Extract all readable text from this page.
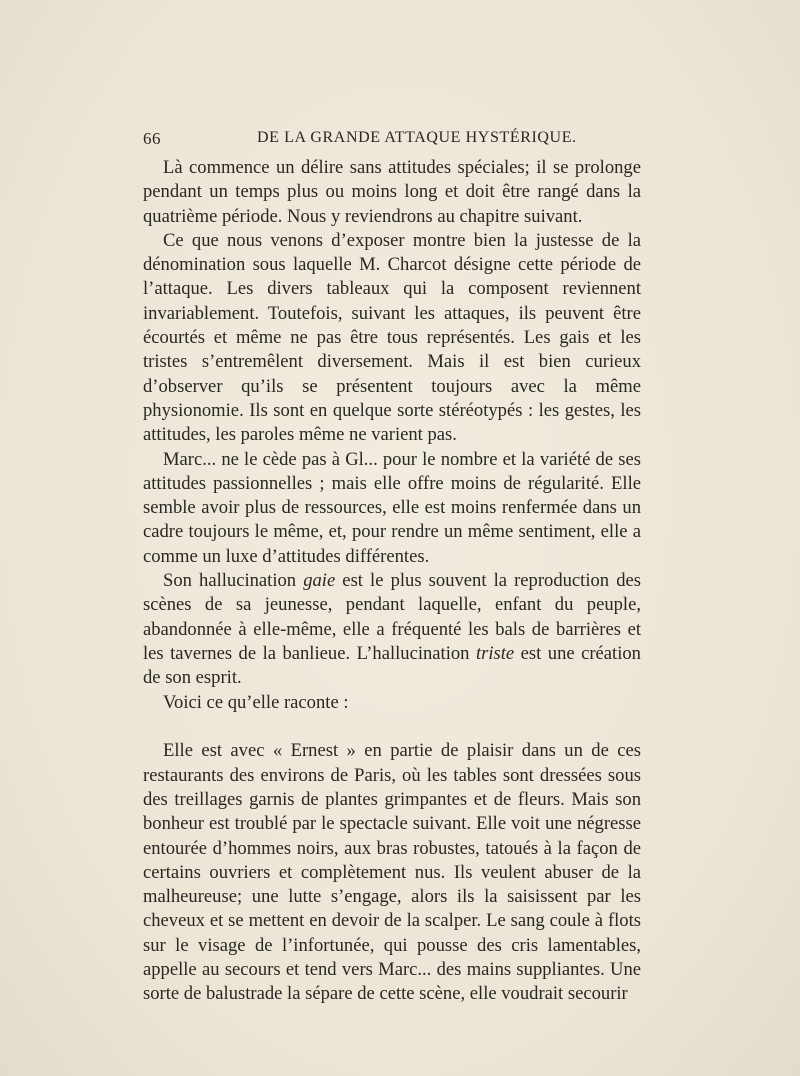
66	DE LA GRANDE ATTAQUE HYSTÉRIQUE.

Là commence un délire sans attitudes spéciales; il se prolonge pendant un temps plus ou moins long et doit être rangé dans la quatrième période. Nous y reviendrons au chapitre suivant.

Ce que nous venons d’exposer montre bien la justesse de la dénomination sous laquelle M. Charcot désigne cette période de l’attaque. Les divers tableaux qui la composent reviennent invariablement. Toutefois, suivant les attaques, ils peuvent être écourtés et même ne pas être tous représentés. Les gais et les tristes s’entremêlent diversement. Mais il est bien curieux d’observer qu’ils se présentent toujours avec la même physionomie. Ils sont en quelque sorte stéréotypés : les gestes, les attitudes, les paroles même ne varient pas.

Marc... ne le cède pas à Gl... pour le nombre et la variété de ses attitudes passionnelles ; mais elle offre moins de régularité. Elle semble avoir plus de ressources, elle est moins renfermée dans un cadre toujours le même, et, pour rendre un même sentiment, elle a comme un luxe d’attitudes différentes.

Son hallucination gaie est le plus souvent la reproduction des scènes de sa jeunesse, pendant laquelle, enfant du peuple, abandonnée à elle-même, elle a fréquenté les bals de barrières et les tavernes de la banlieue. L’hallucination triste est une création de son esprit.

Voici ce qu’elle raconte :

Elle est avec « Ernest » en partie de plaisir dans un de ces restaurants des environs de Paris, où les tables sont dressées sous des treillages garnis de plantes grimpantes et de fleurs. Mais son bonheur est troublé par le spectacle suivant. Elle voit une négresse entourée d’hommes noirs, aux bras robustes, tatoués à la façon de certains ouvriers et complètement nus. Ils veulent abuser de la malheureuse; une lutte s’engage, alors ils la saisissent par les cheveux et se mettent en devoir de la scalper. Le sang coule à flots sur le visage de l’infortunée, qui pousse des cris lamentables, appelle au secours et tend vers Marc... des mains suppliantes. Une sorte de balustrade la sépare de cette scène, elle voudrait secourir
